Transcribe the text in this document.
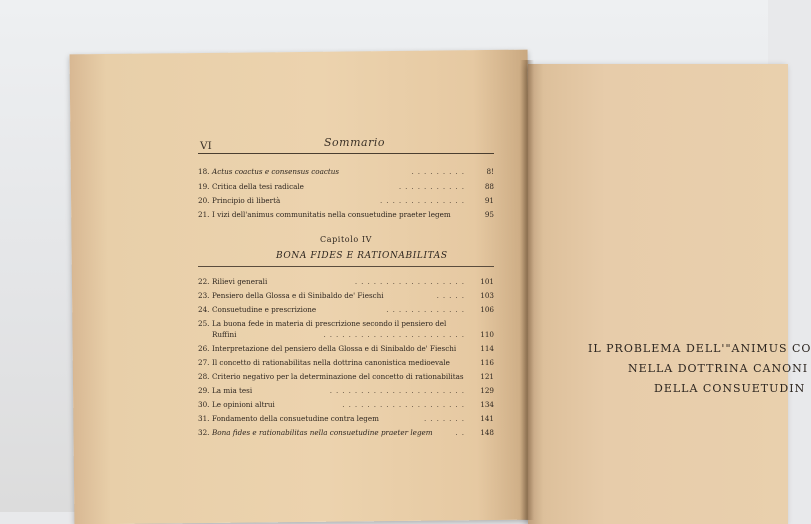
VI	Sommario
18. Actus coactus e consensus coactus	.........	8!
19. Critica della tesi radicale	........... 88
20. Principio di libertà	.............. 91
21. I vizi dell'animus communitatis nella consuetudine praeter legem	95
Capitolo IV
BONA FIDES E RATIONABILITAS
22. Rilievi generali	.................. 101
23. Pensiero della Glossa e di Sinibaldo de' Fieschi	..... 103
24. Consuetudine e prescrizione	............. 106
25. La buona fede in materia di prescrizione secondo il pensiero del
Ruffini	....................... 110
26. Interpretazione del pensiero della Glossa e di Sinibaldo de' Fieschi	114
27. Il concetto di rationabilitas nella dottrina canonistica medioevale	116
28. Criterio negativo per la determinazione del concetto di rationabilitas 121
29. La mia tesi	...................... 129
30. Le opinioni altrui	.................... 134
31. Fondamento della consuetudine contra legem	....... 141
32. Bona fides e rationabilitas nella consuetudine praeter legem	.. 148
IL PROBLEMA DELL'"ANIMUS CO
NELLA DOTTRINA CANONI
DELLA CONSUETUDIN
